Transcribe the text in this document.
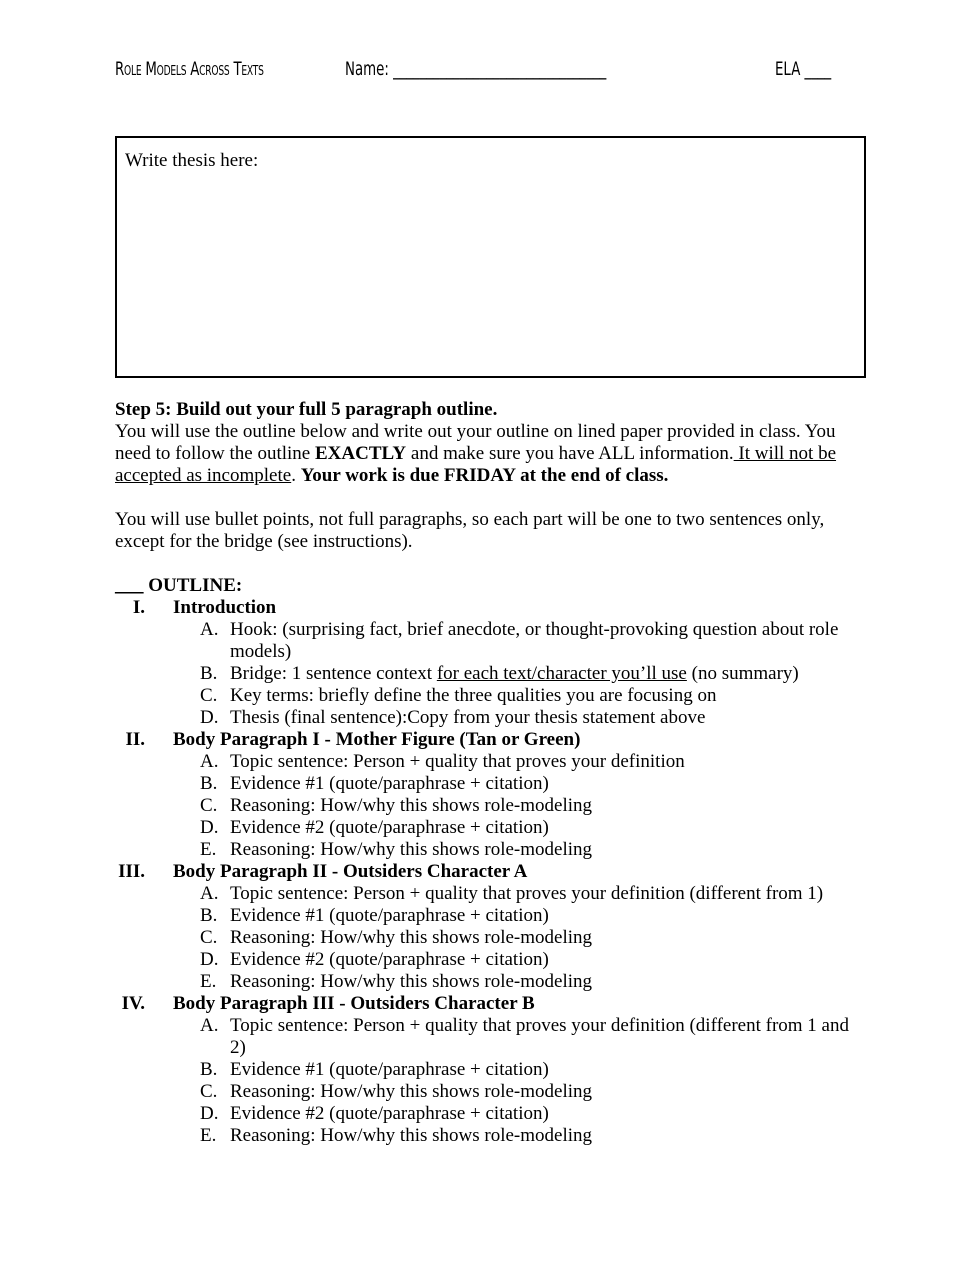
Role Models Across Texts	Name: ________________________________	ELA ____
Write thesis here:

Step 5: Build out your full 5 paragraph outline.

You will use the outline below and write out your outline on lined paper provided in class. You need to follow the outline EXACTLY and make sure you have ALL information. It will not be accepted as incomplete. Your work is due FRIDAY at the end of class.

You will use bullet points, not full paragraphs, so each part will be one to two sentences only, except for the bridge (see instructions).

___ OUTLINE:

I. Introduction
A. Hook: (surprising fact, brief anecdote, or thought-provoking question about role models)
B. Bridge: 1 sentence context for each text/character you’ll use (no summary)
C. Key terms: briefly define the three qualities you are focusing on
D. Thesis (final sentence):Copy from your thesis statement above
II. Body Paragraph I - Mother Figure (Tan or Green)
A. Topic sentence: Person + quality that proves your definition
B. Evidence #1 (quote/paraphrase + citation)
C. Reasoning: How/why this shows role-modeling
D. Evidence #2 (quote/paraphrase + citation)
E. Reasoning: How/why this shows role-modeling
III. Body Paragraph II - Outsiders Character A
A. Topic sentence: Person + quality that proves your definition (different from 1)
B. Evidence #1 (quote/paraphrase + citation)
C. Reasoning: How/why this shows role-modeling
D. Evidence #2 (quote/paraphrase + citation)
E. Reasoning: How/why this shows role-modeling
IV. Body Paragraph III - Outsiders Character B
A. Topic sentence: Person + quality that proves your definition (different from 1 and 2)
B. Evidence #1 (quote/paraphrase + citation)
C. Reasoning: How/why this shows role-modeling
D. Evidence #2 (quote/paraphrase + citation)
E. Reasoning: How/why this shows role-modeling
